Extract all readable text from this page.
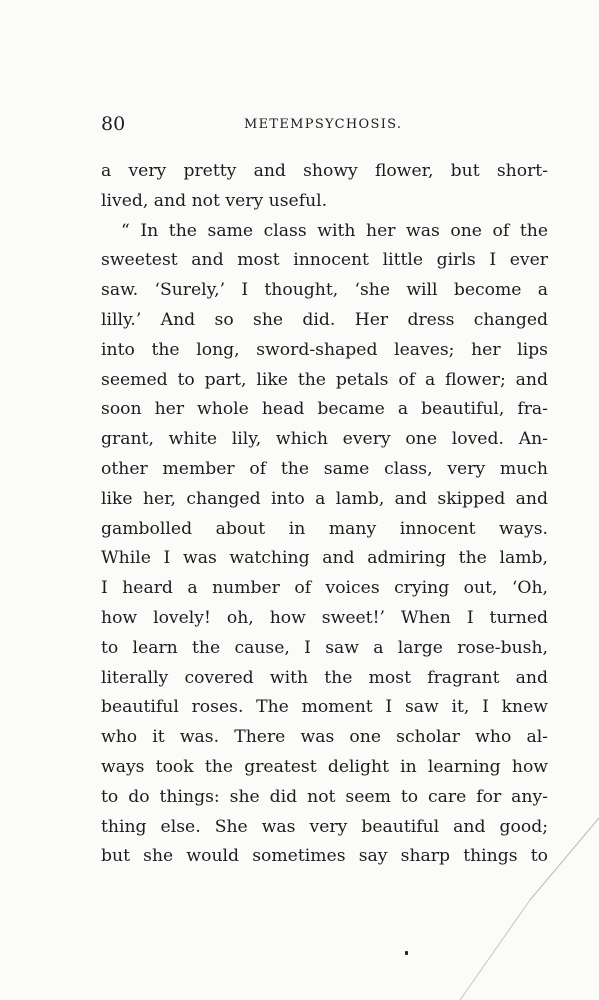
80	METEMPSYCHOSIS.
a very pretty and showy flower, but short-
lived, and not very useful.
“ In the same class with her was one of the
sweetest and most innocent little girls I ever
saw. ‘Surely,’ I thought, ‘she will become a
lilly.’ And so she did. Her dress changed
into the long, sword-shaped leaves; her lips
seemed to part, like the petals of a flower; and
soon her whole head became a beautiful, fra-
grant, white lily, which every one loved. An-
other member of the same class, very much
like her, changed into a lamb, and skipped and
gambolled about in many innocent ways.
While I was watching and admiring the lamb,
I heard a number of voices crying out, ‘Oh,
how lovely! oh, how sweet!’ When I turned
to learn the cause, I saw a large rose-bush,
literally covered with the most fragrant and
beautiful roses. The moment I saw it, I knew
who it was. There was one scholar who al-
ways took the greatest delight in learning how
to do things: she did not seem to care for any-
thing else. She was very beautiful and good;
but she would sometimes say sharp things to
